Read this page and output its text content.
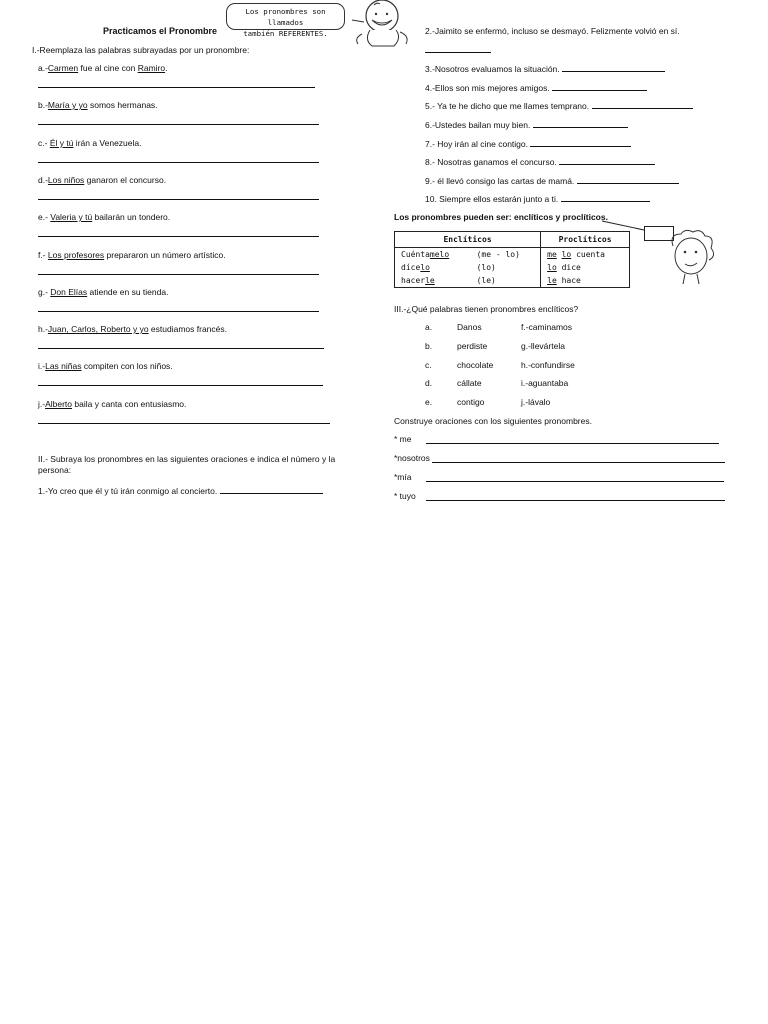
Practicamos el Pronombre
Los pronombres son llamados
también REFERENTES.
I.-Reemplaza las palabras subrayadas por un pronombre:
a.-Carmen fue al cine con Ramiro.
b.-María y yo somos hermanas.
c.- Él y tú irán a Venezuela.
d.-Los niños ganaron el concurso.
e.- Valeria y tú bailarán un tondero.
f.- Los profesores prepararon un número artístico.
g.- Don Elías atiende en su tienda.
h.-Juan, Carlos, Roberto y yo estudiamos francés.
i.-Las niñas compiten con los niños.
j.-Alberto baila y canta con entusiasmo.
II.- Subraya los pronombres en las siguientes oraciones e indica el número y la
persona:
1.-Yo creo que él y tú irán conmigo al concierto.
2.-Jaimito se enfermó, incluso se desmayó. Felizmente volvió en sí.
3.-Nosotros evaluamos la situación.
4.-Ellos son mis mejores amigos.
5.- Ya te he dicho que me llames temprano.
6.-Ustedes bailan muy bien.
7.- Hoy irán al cine contigo.
8.- Nosotras ganamos el concurso.
9.- él llevó consigo las cartas de mamá.
10. Siempre ellos estarán junto a ti.
Los pronombres pueden ser: enclíticos y proclíticos.
Enclíticos		Proclíticos
Cuéntamelo	(me - lo)	me lo cuenta
dícelo	(lo)	lo dice
hacerle	(le)	le hace
III.-¿Qué palabras tienen pronombres enclíticos?
a.	Danos	f.-caminamos
b.	perdiste	g.-llevártela
c.	chocolate	h.-confundirse
d.	cállate	i.-aguantaba
e.	contigo	j.-lávalo
Construye oraciones con los siguientes pronombres.
* me
*nosotros
*mía
* tuyo
